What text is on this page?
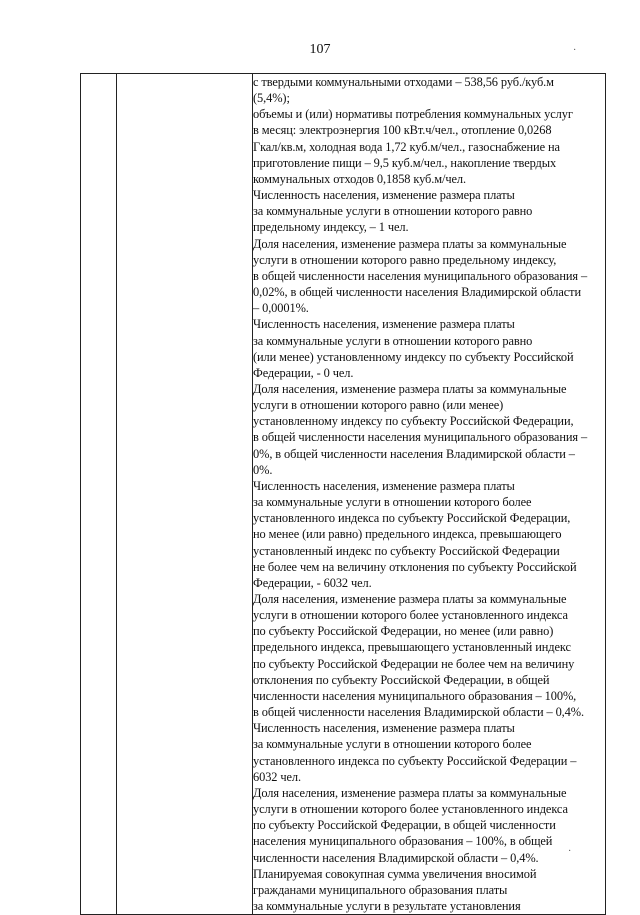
107	·
·

с твердыми коммунальными отходами – 538,56 руб./куб.м
(5,4%);
объемы и (или) нормативы потребления коммунальных услуг
в месяц: электроэнергия 100 кВт.ч/чел., отопление 0,0268
Гкал/кв.м, холодная вода 1,72 куб.м/чел., газоснабжение на
приготовление пищи – 9,5 куб.м/чел., накопление твердых
коммунальных отходов 0,1858 куб.м/чел.
Численность населения, изменение размера платы
за коммунальные услуги в отношении которого равно
предельному индексу, – 1 чел.
Доля населения, изменение размера платы за коммунальные
услуги в отношении которого равно предельному индексу,
в общей численности населения муниципального образования –
0,02%, в общей численности населения Владимирской области
– 0,0001%.
Численность населения, изменение размера платы
за коммунальные услуги в отношении которого равно
(или менее) установленному индексу по субъекту Российской
Федерации, - 0 чел.
Доля населения, изменение размера платы за коммунальные
услуги в отношении которого равно (или менее)
установленному индексу по субъекту Российской Федерации,
в общей численности населения муниципального образования –
0%, в общей численности населения Владимирской области –
0%.
Численность населения, изменение размера платы
за коммунальные услуги в отношении которого более
установленного индекса по субъекту Российской Федерации,
но менее (или равно) предельного индекса, превышающего
установленный индекс по субъекту Российской Федерации
не более чем на величину отклонения по субъекту Российской
Федерации, - 6032 чел.
Доля населения, изменение размера платы за коммунальные
услуги в отношении которого более установленного индекса
по субъекту Российской Федерации, но менее (или равно)
предельного индекса, превышающего установленный индекс
по субъекту Российской Федерации не более чем на величину
отклонения по субъекту Российской Федерации, в общей
численности населения муниципального образования – 100%,
в общей численности населения Владимирской области – 0,4%.
Численность населения, изменение размера платы
за коммунальные услуги в отношении которого более
установленного индекса по субъекту Российской Федерации –
6032 чел.
Доля населения, изменение размера платы за коммунальные
услуги в отношении которого более установленного индекса
по субъекту Российской Федерации, в общей численности
населения муниципального образования – 100%, в общей
численности населения Владимирской области – 0,4%.
Планируемая совокупная сумма увеличения вносимой
гражданами муниципального образования платы
за коммунальные услуги в результате установления
